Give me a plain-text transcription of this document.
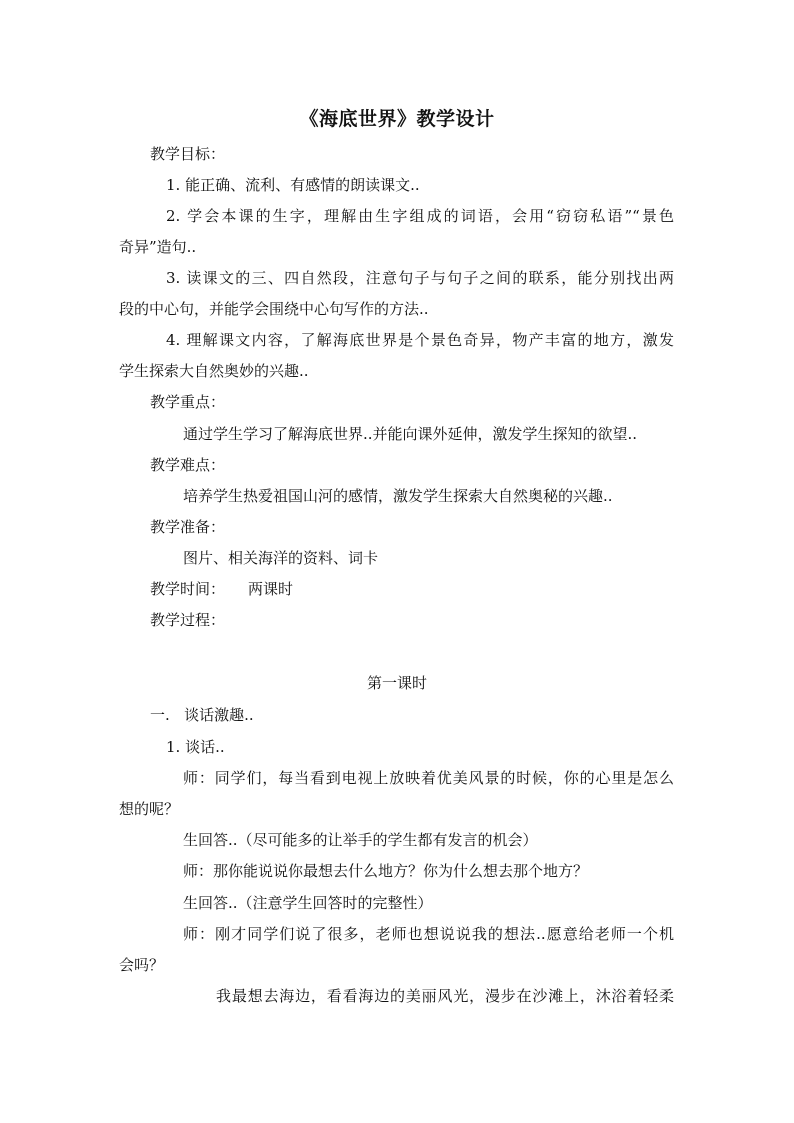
《海底世界》教学设计
教学目标：
1. 能正确、流利、有感情的朗读课文..
2. 学会本课的生字，理解由生字组成的词语，会用“窃窃私语”“景色
奇异”造句..
3. 读课文的三、四自然段，注意句子与句子之间的联系，能分别找出两
段的中心句，并能学会围绕中心句写作的方法..
4. 理解课文内容，了解海底世界是个景色奇异，物产丰富的地方，激发
学生探索大自然奥妙的兴趣..
教学重点：
通过学生学习了解海底世界..并能向课外延伸，激发学生探知的欲望..
教学难点：
培养学生热爱祖国山河的感情，激发学生探索大自然奥秘的兴趣..
教学准备：
图片、相关海洋的资料、词卡
教学时间： 两课时
教学过程：
第一课时
一.   谈话激趣..
1. 谈话..
师：同学们，每当看到电视上放映着优美风景的时候，你的心里是怎么
想的呢？
生回答..（尽可能多的让举手的学生都有发言的机会）
师：那你能说说你最想去什么地方？你为什么想去那个地方？
生回答..（注意学生回答时的完整性）
师：刚才同学们说了很多，老师也想说说我的想法..愿意给老师一个机
会吗？
我最想去海边，看看海边的美丽风光，漫步在沙滩上，沐浴着轻柔
